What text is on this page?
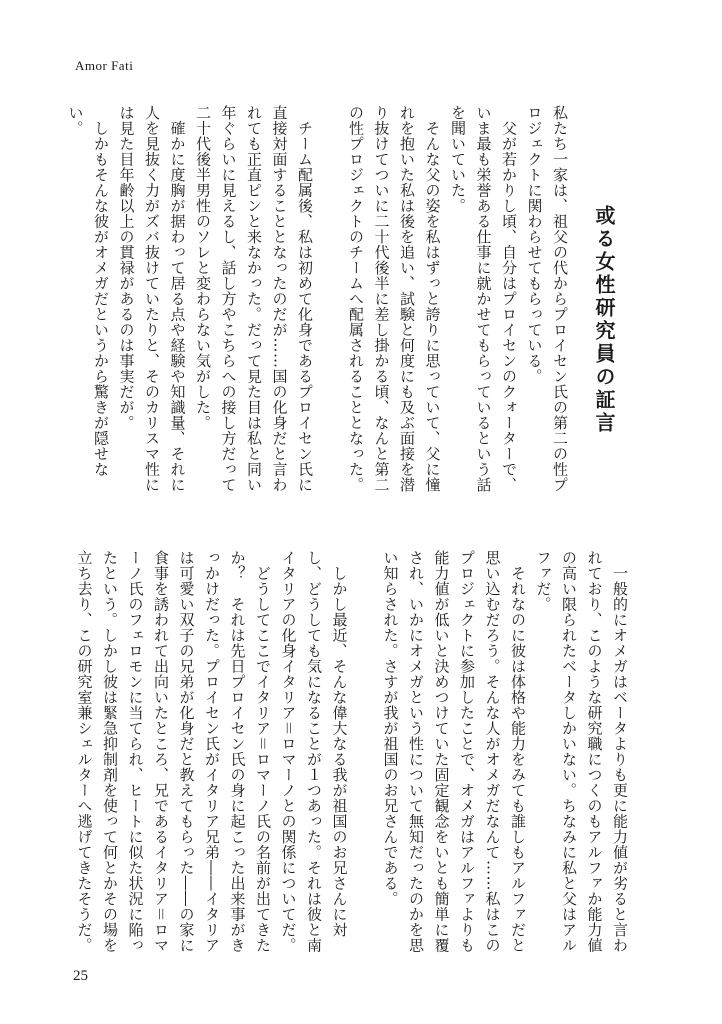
Amor Fati
或る女性研究員の証言

私たち一家は、祖父の代からプロイセン氏の第二の性プロジェクトに関わらせてもらっている。

　父が若かりし頃、自分はプロイセンのクォーターで、いま最も栄誉ある仕事に就かせてもらっているという話を聞いていた。

　そんな父の姿を私はずっと誇りに思っていて、父に憧れを抱いた私は後を追い、試験と何度にも及ぶ面接を潜り抜けてついに二十代後半に差し掛かる頃、なんと第二の性プロジェクトのチームへ配属されることとなった。

　チーム配属後、私は初めて化身であるプロイセン氏に直接対面することとなったのだが……国の化身だと言われても正直ピンと来なかった。だって見た目は私と同い年ぐらいに見えるし、話し方やこちらへの接し方だって二十代後半男性のソレと変わらない気がした。

　確かに度胸が据わって居る点や経験や知識量、それに人を見抜く力がズバ抜けていたりと、そのカリスマ性には見た目年齢以上の貫禄があるのは事実だが。

　しかもそんな彼がオメガだというから驚きが隠せない。

　一般的にオメガはベータよりも更に能力値が劣ると言われており、このような研究職につくのもアルファか能力値の高い限られたベータしかいない。ちなみに私と父はアルファだ。

　それなのに彼は体格や能力をみても誰しもアルファだと思い込むだろう。そんな人がオメガだなんて……私はこのプロジェクトに参加したことで、オメガはアルファよりも能力値が低いと決めつけていた固定観念をいとも簡単に覆され、いかにオメガという性について無知だったのかを思い知らされた。さすが我が祖国のお兄さんである。

　しかし最近、そんな偉大なる我が祖国のお兄さんに対し、どうしても気になることが１つあった。それは彼と南イタリアの化身イタリア＝ロマーノとの関係についてだ。

　どうしてここでイタリア＝ロマーノ氏の名前が出てきたか？　それは先日プロイセン氏の身に起こった出来事がきっかけだった。プロイセン氏がイタリア兄弟――イタリアは可愛い双子の兄弟が化身だと教えてもらった――の家に食事を誘われて出向いたところ、兄であるイタリア＝ロマーノ氏のフェロモンに当てられ、ヒートに似た状況に陥ったという。しかし彼は緊急抑制剤を使って何とかその場を立ち去り、この研究室兼シェルターへ逃げてきたそうだ。

25
